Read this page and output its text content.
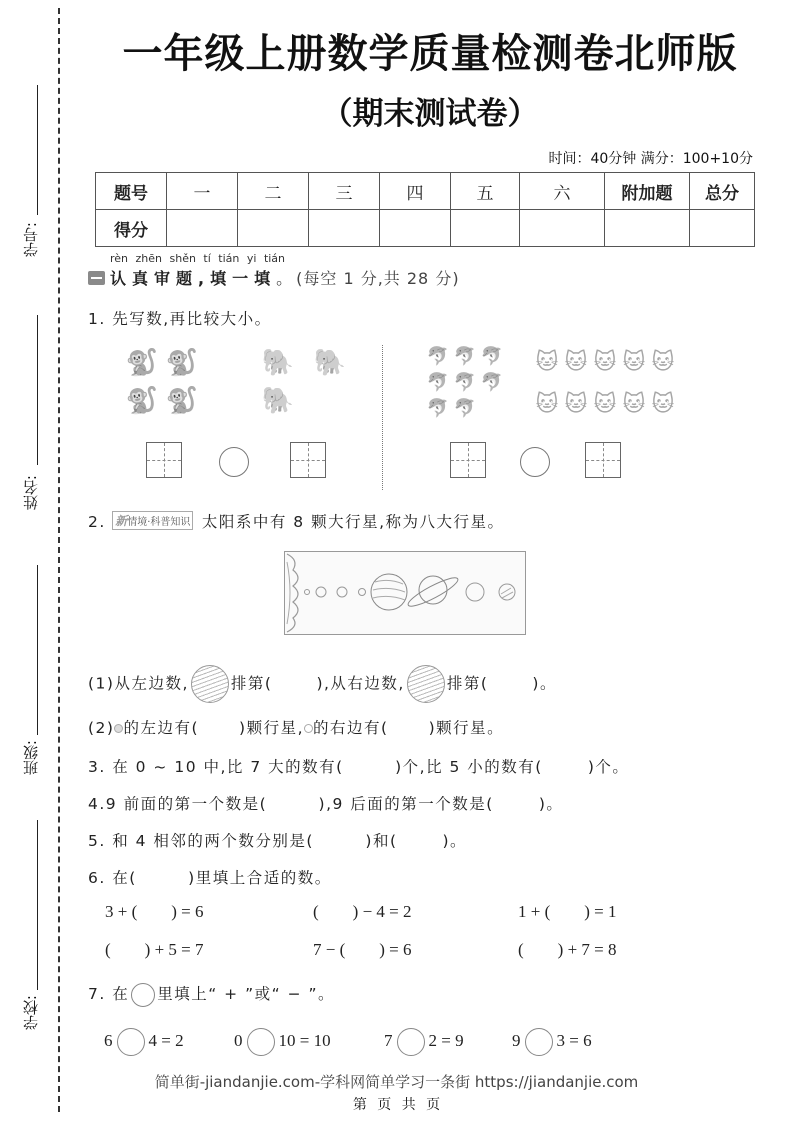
学号:
姓名:
班级:
学校:
一年级上册数学质量检测卷北师版
（期末测试卷）
时间：40分钟 满分：100+10分
题号	一	二	三	四	五	六	附加题	总分
得分								
rèn zhēn shěn tí tián yi tián
认真审题,填一填 。 (每空 1 分,共 28 分)
1. 先写数,再比较大小。
🐒 🐒
🐒 🐒
🐘 🐘
🐘
🐬 🐬 🐬
🐬 🐬 🐬
🐬 🐬
🐱 🐱 🐱 🐱 🐱
🐱 🐱 🐱 🐱 🐱
2. 新情境·科普知识 太阳系中有 8 颗大行星,称为八大行星。
(1)从左边数,	排第(	),从右边数,	排第(	)。
(2) 的左边有(	)颗行星, 的右边有(	)颗行星。
3. 在 0 ~ 10 中,比 7 大的数有(        )个,比 5 小的数有(       )个。
4.9 前面的第一个数是(        ),9 后面的第一个数是(       )。
5. 和 4 相邻的两个数分别是(        )和(       )。
6. 在(        )里填上合适的数。
3 + (        ) = 6	(        ) − 4 = 2	1 + (        ) = 1
(        ) + 5 = 7	7 − (        ) = 6	(        ) + 7 = 8
7. 在 里填上“ + ”或“ − ”。
6 4 = 2	0 10 = 10	7 2 = 9	9 3 = 6
简单街-jiandanjie.com-学科网简单学习一条街 https://jiandanjie.com
第 页 共 页
